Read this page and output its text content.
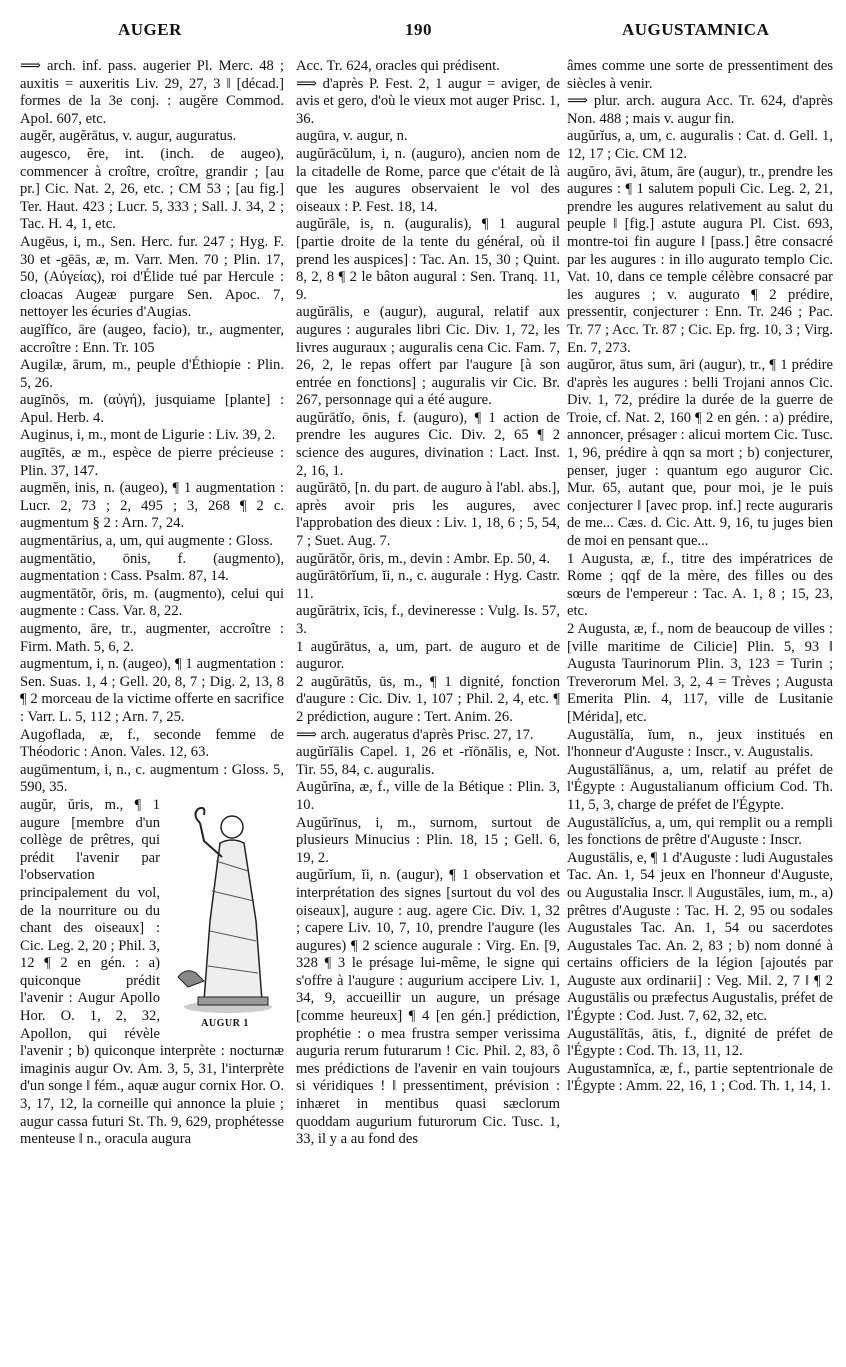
AUGER	190	AUGUSTAMNICA

⟹ arch. inf. pass. augerier Pl. Merc. 48 ; auxitis = auxeritis Liv. 29, 27, 3 ‖ [décad.] formes de la 3e conj. : augĕre Commod. Apol. 607, etc.

augĕr, augĕrātus, v. augur, auguratus.

augesco, ĕre, int. (inch. de augeo), commencer à croître, croître, grandir ; [au pr.] Cic. Nat. 2, 26, etc. ; CM 53 ; [au fig.] Ter. Haut. 423 ; Lucr. 5, 333 ; Sall. J. 34, 2 ; Tac. H. 4, 1, etc.

Augēus, i, m., Sen. Herc. fur. 247 ; Hyg. F. 30 et -gēās, æ, m. Varr. Men. 70 ; Plin. 17, 50, (Αὐγείας), roi d'Élide tué par Hercule : cloacas Augeæ purgare Sen. Apoc. 7, nettoyer les écuries d'Augias.

augĭfĭco, āre (augeo, facio), tr., augmenter, accroître : Enn. Tr. 105

Augilæ, ārum, m., peuple d'Éthiopie : Plin. 5, 26.

augīnŏs, m. (αὐγή), jusquiame [plante] : Apul. Herb. 4.

Auginus, i, m., mont de Ligurie : Liv. 39, 2.

augītēs, æ m., espèce de pierre précieuse : Plin. 37, 147.

augmĕn, inis, n. (augeo), ¶ 1 augmentation : Lucr. 2, 73 ; 2, 495 ; 3, 268 ¶ 2 c. augmentum § 2 : Arn. 7, 24.

augmentārius, a, um, qui augmente : Gloss.

augmentātio, ōnis, f. (augmento), augmentation : Cass. Psalm. 87, 14.

augmentātŏr, ōris, m. (augmento), celui qui augmente : Cass. Var. 8, 22.

augmento, āre, tr., augmenter, accroître : Firm. Math. 5, 6, 2.

augmentum, i, n. (augeo), ¶ 1 augmentation : Sen. Suas. 1, 4 ; Gell. 20, 8, 7 ; Dig. 2, 13, 8 ¶ 2 morceau de la victime offerte en sacrifice : Varr. L. 5, 112 ; Arn. 7, 25.

Augoflada, æ, f., seconde femme de Théodoric : Anon. Vales. 12, 63.

augūmentum, i, n., c. augmentum : Gloss. 5, 590, 35.

AUGUR 1

augŭr, ŭris, m., ¶ 1 augure [membre d'un collège de prêtres, qui prédit l'avenir par l'observation principalement du vol, de la nourriture ou du chant des oiseaux] : Cic. Leg. 2, 20 ; Phil. 3, 12 ¶ 2 en gén. : a) quiconque prédit l'avenir : Augur Apollo Hor. O. 1, 2, 32, Apollon, qui révèle l'avenir ; b) quiconque interprète : nocturnæ imaginis augur Ov. Am. 3, 5, 31, l'interprète d'un songe ‖ fém., aquæ augur cornix Hor. O. 3, 17, 12, la corneille qui annonce la pluie ; augur cassa futuri St. Th. 9, 629, prophétesse menteuse ‖ n., oracula augura

Acc. Tr. 624, oracles qui prédisent.

⟹ d'après P. Fest. 2, 1 augur = aviger, de avis et gero, d'où le vieux mot auger Prisc. 1, 36.

augūra, v. augur, n.

augŭrācŭlum, i, n. (auguro), ancien nom de la citadelle de Rome, parce que c'était de là que les augures observaient le vol des oiseaux : P. Fest. 18, 14.

augŭrāle, is, n. (auguralis), ¶ 1 augural [partie droite de la tente du général, où il prend les auspices] : Tac. An. 15, 30 ; Quint. 8, 2, 8 ¶ 2 le bâton augural : Sen. Tranq. 11, 9.

augŭrālis, e (augur), augural, relatif aux augures : augurales libri Cic. Div. 1, 72, les livres auguraux ; auguralis cena Cic. Fam. 7, 26, 2, le repas offert par l'augure [à son entrée en fonctions] ; auguralis vir Cic. Br. 267, personnage qui a été augure.

augŭrātĭo, ōnis, f. (auguro), ¶ 1 action de prendre les augures Cic. Div. 2, 65 ¶ 2 science des augures, divination : Lact. Inst. 2, 16, 1.

augŭrātō, [n. du part. de auguro à l'abl. abs.], après avoir pris les augures, avec l'approbation des dieux : Liv. 1, 18, 6 ; 5, 54, 7 ; Suet. Aug. 7.

augŭrātŏr, ōris, m., devin : Ambr. Ep. 50, 4.

augŭrātōrĭum, ĭi, n., c. augurale : Hyg. Castr. 11.

augŭrātrix, īcis, f., devineresse : Vulg. Is. 57, 3.

1 augŭrātus, a, um, part. de auguro et de auguror.

2 augŭrātŭs, ūs, m., ¶ 1 dignité, fonction d'augure : Cic. Div. 1, 107 ; Phil. 2, 4, etc. ¶ 2 prédiction, augure : Tert. Anim. 26.

⟹ arch. augeratus d'après Prisc. 27, 17.

augŭrĭālis Capel. 1, 26 et -rĭōnālis, e, Not. Tir. 55, 84, c. auguralis.

Augŭrīna, æ, f., ville de la Bétique : Plin. 3, 10.

Augŭrīnus, i, m., surnom, surtout de plusieurs Minucius : Plin. 18, 15 ; Gell. 6, 19, 2.

augŭrĭum, ĭi, n. (augur), ¶ 1 observation et interprétation des signes [surtout du vol des oiseaux], augure : aug. agere Cic. Div. 1, 32 ; capere Liv. 10, 7, 10, prendre l'augure (les augures) ¶ 2 science augurale : Virg. En. [9, 328 ¶ 3 le présage lui-même, le signe qui s'offre à l'augure : augurium accipere Liv. 1, 34, 9, accueillir un augure, un présage [comme heureux] ¶ 4 [en gén.] prédiction, prophétie : o mea frustra semper verissima auguria rerum futurarum ! Cic. Phil. 2, 83, ô mes prédictions de l'avenir en vain toujours si véridiques ! ‖ pressentiment, prévision : inhæret in mentibus quasi sæclorum quoddam augurium futurorum Cic. Tusc. 1, 33, il y a au fond des

âmes comme une sorte de pressentiment des siècles à venir.

⟹ plur. arch. augura Acc. Tr. 624, d'après Non. 488 ; mais v. augur fin.

augŭrĭus, a, um, c. auguralis : Cat. d. Gell. 1, 12, 17 ; Cic. CM 12.

augŭro, āvi, ātum, āre (augur), tr., prendre les augures : ¶ 1 salutem populi Cic. Leg. 2, 21, prendre les augures relativement au salut du peuple ‖ [fig.] astute augura Pl. Cist. 693, montre-toi fin augure ‖ [pass.] être consacré par les augures : in illo augurato templo Cic. Vat. 10, dans ce temple célèbre consacré par les augures ; v. augurato ¶ 2 prédire, pressentir, conjecturer : Enn. Tr. 246 ; Pac. Tr. 77 ; Acc. Tr. 87 ; Cic. Ep. frg. 10, 3 ; Virg. En. 7, 273.

augŭror, ātus sum, āri (augur), tr., ¶ 1 prédire d'après les augures : belli Trojani annos Cic. Div. 1, 72, prédire la durée de la guerre de Troie, cf. Nat. 2, 160 ¶ 2 en gén. : a) prédire, annoncer, présager : alicui mortem Cic. Tusc. 1, 96, prédire à qqn sa mort ; b) conjecturer, penser, juger : quantum ego auguror Cic. Mur. 65, autant que, pour moi, je le puis conjecturer ‖ [avec prop. inf.] recte auguraris de me... Cæs. d. Cic. Att. 9, 16, tu juges bien de moi en pensant que...

1 Augusta, æ, f., titre des impératrices de Rome ; qqf de la mère, des filles ou des sœurs de l'empereur : Tac. A. 1, 8 ; 15, 23, etc.

2 Augusta, æ, f., nom de beaucoup de villes : [ville maritime de Cilicie] Plin. 5, 93 ‖ Augusta Taurinorum Plin. 3, 123 = Turin ; Treverorum Mel. 3, 2, 4 = Trèves ; Augusta Emerita Plin. 4, 117, ville de Lusitanie [Mérida], etc.

Augustālĭa, ĭum, n., jeux institués en l'honneur d'Auguste : Inscr., v. Augustalis.

Augustālĭānus, a, um, relatif au préfet de l'Égypte : Augustalianum officium Cod. Th. 11, 5, 3, charge de préfet de l'Égypte.

Augustālĭcĭus, a, um, qui remplit ou a rempli les fonctions de prêtre d'Auguste : Inscr.

Augustālis, e, ¶ 1 d'Auguste : ludi Augustales Tac. An. 1, 54 jeux en l'honneur d'Auguste, ou Augustalia Inscr. ‖ Augustāles, ium, m., a) prêtres d'Auguste : Tac. H. 2, 95 ou sodales Augustales Tac. An. 1, 54 ou sacerdotes Augustales Tac. An. 2, 83 ; b) nom donné à certains officiers de la légion [ajoutés par Auguste aux ordinarii] : Veg. Mil. 2, 7 ‖ ¶ 2 Augustālis ou præfectus Augustalis, préfet de l'Égypte : Cod. Just. 7, 62, 32, etc.

Augustālĭtās, ātis, f., dignité de préfet de l'Égypte : Cod. Th. 13, 11, 12.

Augustamnĭca, æ, f., partie septentrionale de l'Égypte : Amm. 22, 16, 1 ; Cod. Th. 1, 14, 1.
